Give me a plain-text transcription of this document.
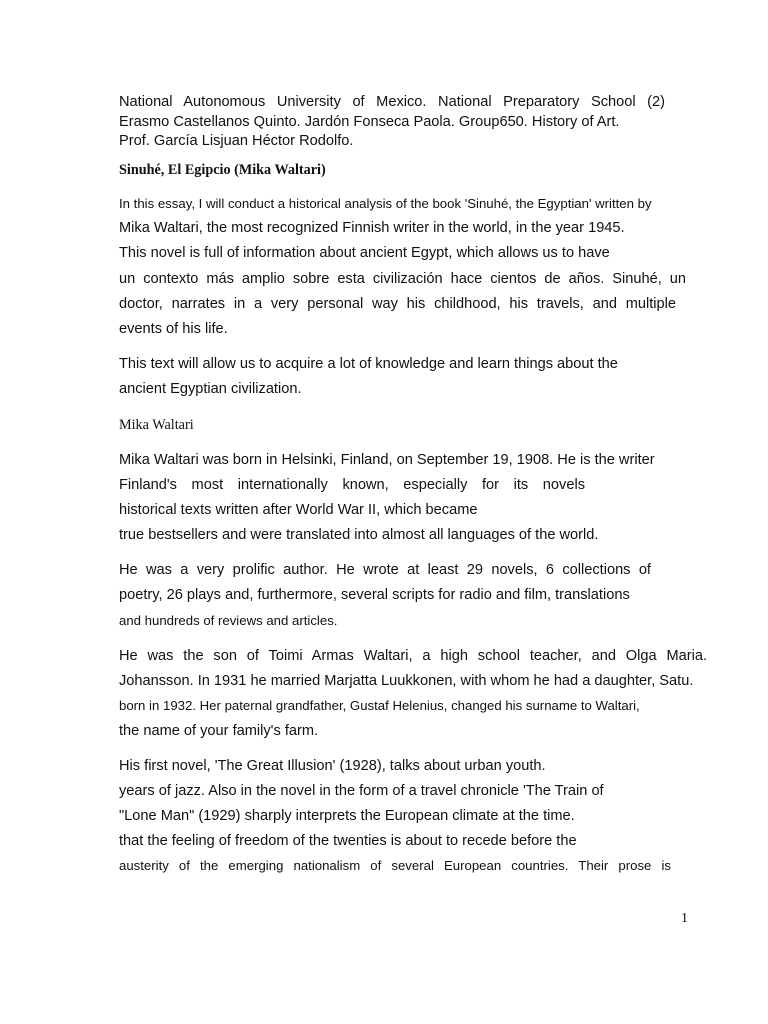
National Autonomous University of Mexico. National Preparatory School (2)

Erasmo Castellanos Quinto. Jardón Fonseca Paola. Group650. History of Art.

Prof. García Lisjuan Héctor Rodolfo.

Sinuhé, El Egipcio (Mika Waltari)

In this essay, I will conduct a historical analysis of the book 'Sinuhé, the Egyptian' written by

Mika Waltari, the most recognized Finnish writer in the world, in the year 1945.

This novel is full of information about ancient Egypt, which allows us to have

un contexto más amplio sobre esta civilización hace cientos de años. Sinuhé, un

doctor, narrates in a very personal way his childhood, his travels, and multiple

events of his life.

This text will allow us to acquire a lot of knowledge and learn things about the

ancient Egyptian civilization.

Mika Waltari

Mika Waltari was born in Helsinki, Finland, on September 19, 1908. He is the writer

Finland's most internationally known, especially for its novels

historical texts written after World War II, which became

true bestsellers and were translated into almost all languages of the world.

He was a very prolific author. He wrote at least 29 novels, 6 collections of

poetry, 26 plays and, furthermore, several scripts for radio and film, translations

and hundreds of reviews and articles.

He was the son of Toimi Armas Waltari, a high school teacher, and Olga Maria.

Johansson. In 1931 he married Marjatta Luukkonen, with whom he had a daughter, Satu.

born in 1932. Her paternal grandfather, Gustaf Helenius, changed his surname to Waltari,

the name of your family's farm.

His first novel, 'The Great Illusion' (1928), talks about urban youth.

years of jazz. Also in the novel in the form of a travel chronicle 'The Train of

"Lone Man" (1929) sharply interprets the European climate at the time.

that the feeling of freedom of the twenties is about to recede before the

austerity of the emerging nationalism of several European countries. Their prose is

1
